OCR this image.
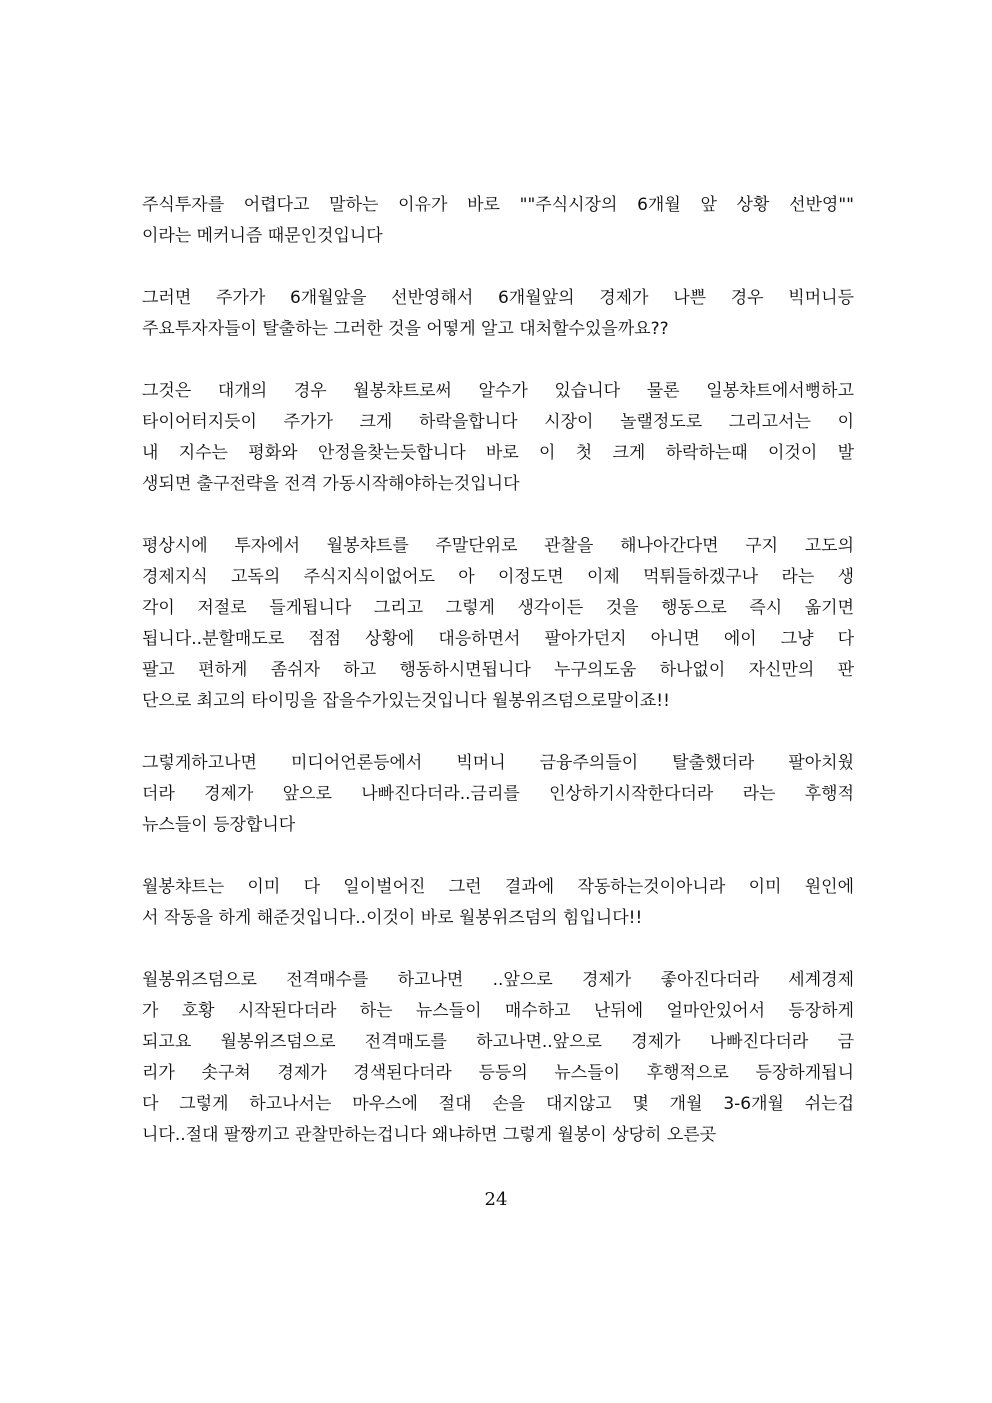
주식투자를 어렵다고 말하는 이유가 바로 ""주식시장의 6개월 앞 상황 선반영""
이라는 메커니즘 때문인것입니다
그러면 주가가 6개월앞을 선반영해서 6개월앞의 경제가 나쁜 경우 빅머니등
주요투자자들이 탈출하는 그러한 것을 어떻게 알고 대처할수있을까요??
그것은 대개의 경우 월봉챠트로써 알수가 있습니다 물론 일봉챠트에서뻥하고
타이어터지듯이 주가가 크게 하락을합니다 시장이 놀랠정도로 그리고서는 이
내 지수는 평화와 안정을찾는듯합니다 바로 이 첫 크게 하락하는때 이것이 발
생되면 출구전략을 전격 가동시작해야하는것입니다
평상시에 투자에서 월봉챠트를 주말단위로 관찰을 해나아간다면 구지 고도의
경제지식 고독의 주식지식이없어도 아 이정도면 이제 먹튀들하겠구나 라는 생
각이 저절로 들게됩니다 그리고 그렇게 생각이든 것을 행동으로 즉시 옮기면
됩니다..분할매도로 점점 상황에 대응하면서 팔아가던지 아니면 에이 그냥 다
팔고 편하게 좀쉬자 하고 행동하시면됩니다 누구의도움 하나없이 자신만의 판
단으로 최고의 타이밍을 잡을수가있는것입니다 월봉위즈덤으로말이죠!!
그렇게하고나면 미디어언론등에서 빅머니 금융주의들이 탈출했더라 팔아치웠
더라 경제가 앞으로 나빠진다더라..금리를 인상하기시작한다더라 라는 후행적
뉴스들이 등장합니다
월봉챠트는 이미 다 일이벌어진 그런 결과에 작동하는것이아니라 이미 원인에
서 작동을 하게 해준것입니다..이것이 바로 월봉위즈덤의 힘입니다!!
월봉위즈덤으로 전격매수를 하고나면 ..앞으로 경제가 좋아진다더라 세계경제
가 호황 시작된다더라 하는 뉴스들이 매수하고 난뒤에 얼마안있어서 등장하게
되고요 월봉위즈덤으로 전격매도를 하고나면..앞으로 경제가 나빠진다더라 금
리가 솟구쳐 경제가 경색된다더라 등등의 뉴스들이 후행적으로 등장하게됩니
다 그렇게 하고나서는 마우스에 절대 손을 대지않고 몇 개월 3-6개월 쉬는겁
니다..절대 팔짱끼고 관찰만하는겁니다 왜냐하면 그렇게 월봉이 상당히 오른곳
24
